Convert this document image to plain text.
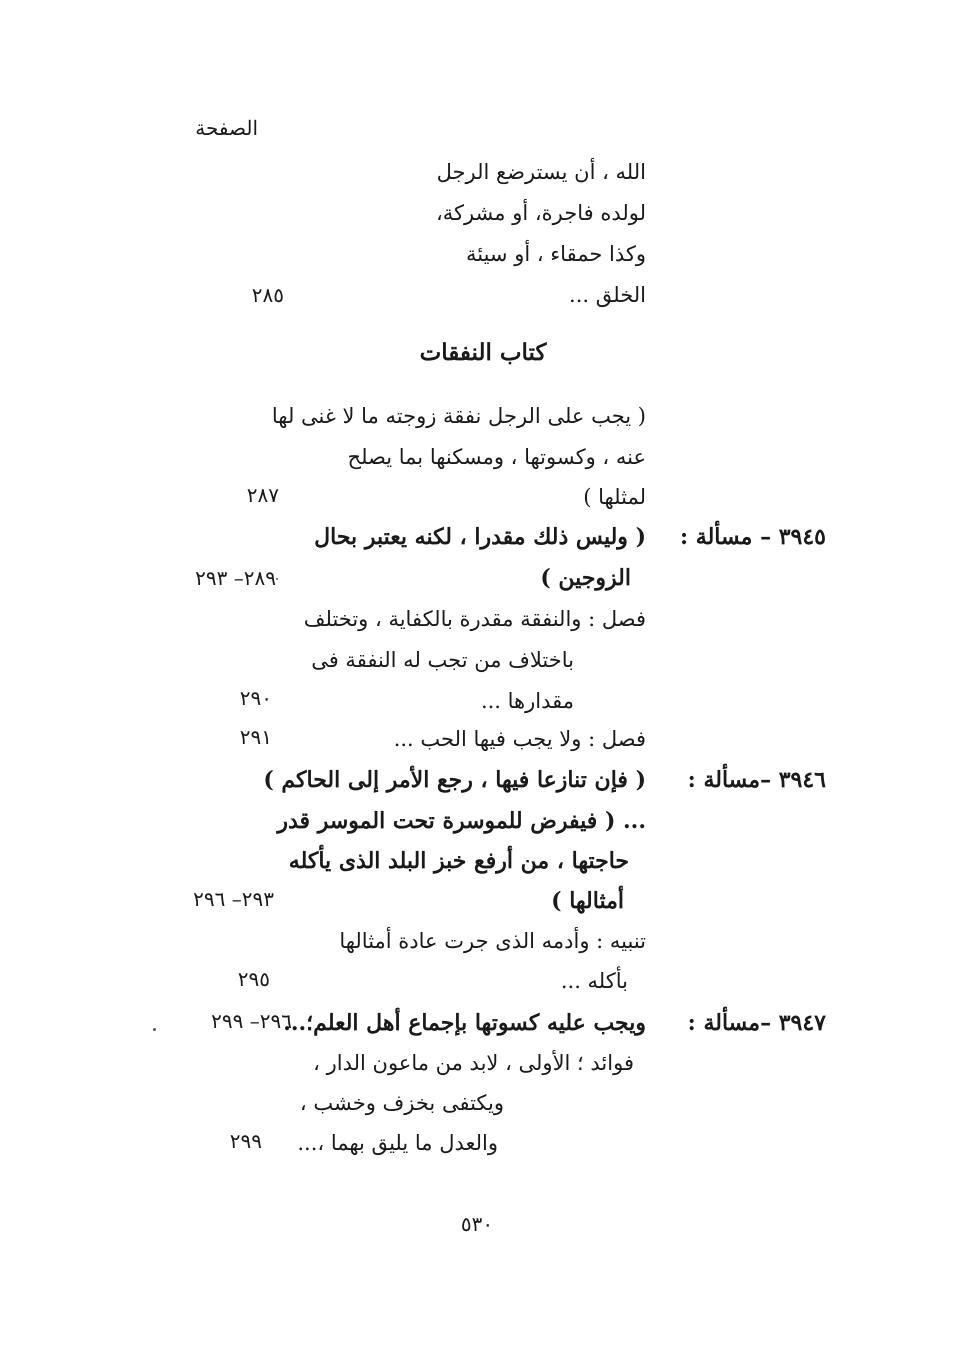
الصفحة
الله ، أن يسترضع الرجل
لولده فاجرة، أو مشركة،
وكذا حمقاء ، أو سيئة
الخلق ...
٢٨٥
كتاب النفقات
( يجب على الرجل نفقة زوجته ما لا غنى لها
عنه ، وكسوتها ، ومسكنها بما يصلح
لمثلها )
٢٨٧
٣٩٤٥ – مسألة :
( وليس ذلك مقدرا ، لكنه يعتبر بحال
الزوجين )
٢٨٩– ٢٩٣
فصل : والنفقة مقدرة بالكفاية ، وتختلف
باختلاف من تجب له النفقة فى
مقدارها ...
٢٩٠
فصل : ولا يجب فيها الحب ...
٢٩١
٣٩٤٦ –مسألة :
( فإن تنازعا فيها ، رجع الأمر إلى الحاكم )
... ( فيفرض للموسرة تحت الموسر قدر
حاجتها ، من أرفع خبز البلد الذى يأكله
أمثالها )
٢٩٣– ٢٩٦
تنبيه : وأدمه الذى جرت عادة أمثالها
بأكله ...
٢٩٥
٣٩٤٧ –مسألة :
ويجب عليه كسوتها بإجماع أهل العلم؛...
٢٩٦– ٢٩٩
فوائد ؛ الأولى ، لابد من ماعون الدار ،
ويكتفى بخزف وخشب ،
والعدل ما يليق بهما ،...
٢٩٩
٥٣٠
